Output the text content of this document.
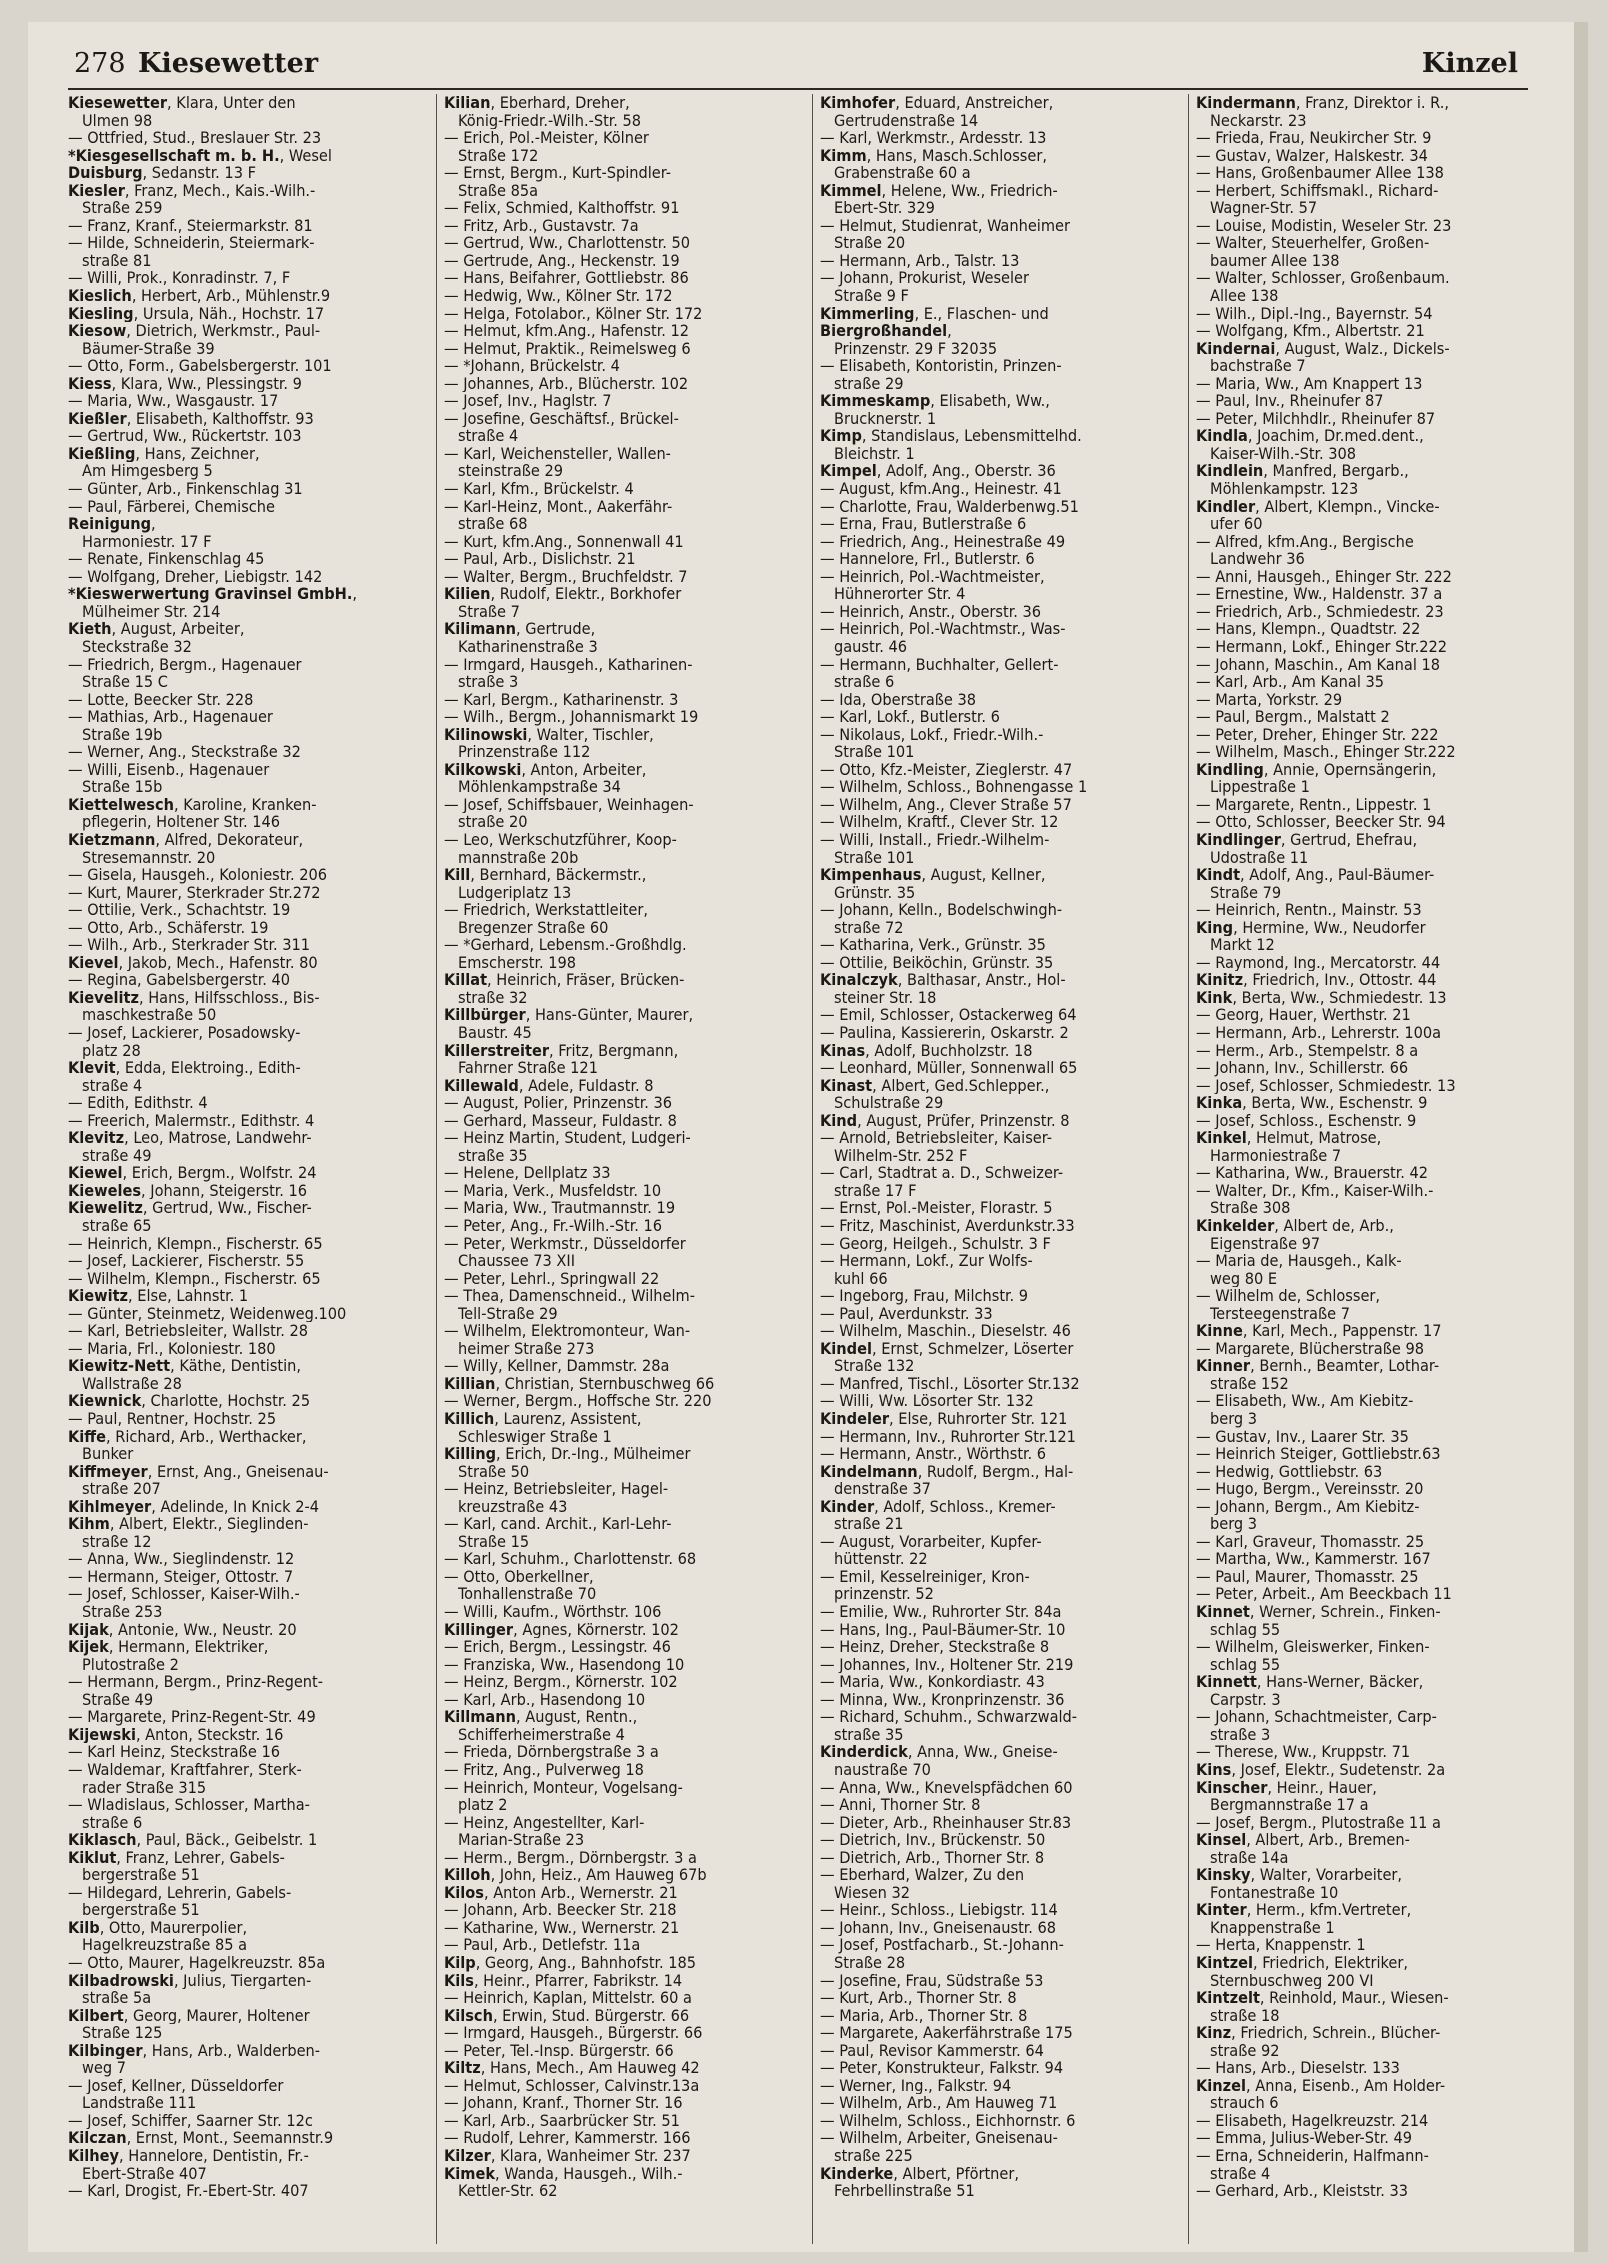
278 Kiesewetter	Kinzel
Kiesewetter, Klara, Unter den
Ulmen 98
— Ottfried, Stud., Breslauer Str. 23
*Kiesgesellschaft m. b. H., Wesel
Duisburg, Sedanstr. 13 F
Kiesler, Franz, Mech., Kais.-Wilh.-
Straße 259
— Franz, Kranf., Steiermarkstr. 81
— Hilde, Schneiderin, Steiermark-
straße 81
— Willi, Prok., Konradinstr. 7, F
Kieslich, Herbert, Arb., Mühlenstr.9
Kiesling, Ursula, Näh., Hochstr. 17
Kiesow, Dietrich, Werkmstr., Paul-
Bäumer-Straße 39
— Otto, Form., Gabelsbergerstr. 101
Kiess, Klara, Ww., Plessingstr. 9
— Maria, Ww., Wasgaustr. 17
Kießler, Elisabeth, Kalthoffstr. 93
— Gertrud, Ww., Rückertstr. 103
Kießling, Hans, Zeichner,
Am Himgesberg 5
— Günter, Arb., Finkenschlag 31
— Paul, Färberei, Chemische
Reinigung,
Harmoniestr. 17 F
— Renate, Finkenschlag 45
— Wolfgang, Dreher, Liebigstr. 142
*Kieswerwertung Gravinsel GmbH.,
Mülheimer Str. 214
Kieth, August, Arbeiter,
Steckstraße 32
— Friedrich, Bergm., Hagenauer
Straße 15 C
— Lotte, Beecker Str. 228
— Mathias, Arb., Hagenauer
Straße 19b
— Werner, Ang., Steckstraße 32
— Willi, Eisenb., Hagenauer
Straße 15b
Kiettelwesch, Karoline, Kranken-
pflegerin, Holtener Str. 146
Kietzmann, Alfred, Dekorateur,
Stresemannstr. 20
— Gisela, Hausgeh., Koloniestr. 206
— Kurt, Maurer, Sterkrader Str.272
— Ottilie, Verk., Schachtstr. 19
— Otto, Arb., Schäferstr. 19
— Wilh., Arb., Sterkrader Str. 311
Kievel, Jakob, Mech., Hafenstr. 80
— Regina, Gabelsbergerstr. 40
Kievelitz, Hans, Hilfsschloss., Bis-
maschkestraße 50
— Josef, Lackierer, Posadowsky-
platz 28
Klevit, Edda, Elektroing., Edith-
straße 4
— Edith, Edithstr. 4
— Freerich, Malermstr., Edithstr. 4
Klevitz, Leo, Matrose, Landwehr-
straße 49
Kiewel, Erich, Bergm., Wolfstr. 24
Kieweles, Johann, Steigerstr. 16
Kiewelitz, Gertrud, Ww., Fischer-
straße 65
— Heinrich, Klempn., Fischerstr. 65
— Josef, Lackierer, Fischerstr. 55
— Wilhelm, Klempn., Fischerstr. 65
Kiewitz, Else, Lahnstr. 1
— Günter, Steinmetz, Weidenweg.100
— Karl, Betriebsleiter, Wallstr. 28
— Maria, Frl., Koloniestr. 180
Kiewitz-Nett, Käthe, Dentistin,
Wallstraße 28
Kiewnick, Charlotte, Hochstr. 25
— Paul, Rentner, Hochstr. 25
Kiffe, Richard, Arb., Werthacker,
Bunker
Kiffmeyer, Ernst, Ang., Gneisenau-
straße 207
Kihlmeyer, Adelinde, In Knick 2-4
Kihm, Albert, Elektr., Sieglinden-
straße 12
— Anna, Ww., Sieglindenstr. 12
— Hermann, Steiger, Ottostr. 7
— Josef, Schlosser, Kaiser-Wilh.-
Straße 253
Kijak, Antonie, Ww., Neustr. 20
Kijek, Hermann, Elektriker,
Plutostraße 2
— Hermann, Bergm., Prinz-Regent-
Straße 49
— Margarete, Prinz-Regent-Str. 49
Kijewski, Anton, Steckstr. 16
— Karl Heinz, Steckstraße 16
— Waldemar, Kraftfahrer, Sterk-
rader Straße 315
— Wladislaus, Schlosser, Martha-
straße 6
Kiklasch, Paul, Bäck., Geibelstr. 1
Kiklut, Franz, Lehrer, Gabels-
bergerstraße 51
— Hildegard, Lehrerin, Gabels-
bergerstraße 51
Kilb, Otto, Maurerpolier,
Hagelkreuzstraße 85 a
— Otto, Maurer, Hagelkreuzstr. 85a
Kilbadrowski, Julius, Tiergarten-
straße 5a
Kilbert, Georg, Maurer, Holtener
Straße 125
Kilbinger, Hans, Arb., Walderben-
weg 7
— Josef, Kellner, Düsseldorfer
Landstraße 111
— Josef, Schiffer, Saarner Str. 12c
Kilczan, Ernst, Mont., Seemannstr.9
Kilhey, Hannelore, Dentistin, Fr.-
Ebert-Straße 407
— Karl, Drogist, Fr.-Ebert-Str. 407
Kilian, Eberhard, Dreher,
König-Friedr.-Wilh.-Str. 58
— Erich, Pol.-Meister, Kölner
Straße 172
— Ernst, Bergm., Kurt-Spindler-
Straße 85a
— Felix, Schmied, Kalthoffstr. 91
— Fritz, Arb., Gustavstr. 7a
— Gertrud, Ww., Charlottenstr. 50
— Gertrude, Ang., Heckenstr. 19
— Hans, Beifahrer, Gottliebstr. 86
— Hedwig, Ww., Kölner Str. 172
— Helga, Fotolabor., Kölner Str. 172
— Helmut, kfm.Ang., Hafenstr. 12
— Helmut, Praktik., Reimelsweg 6
— *Johann, Brückelstr. 4
— Johannes, Arb., Blücherstr. 102
— Josef, Inv., Haglstr. 7
— Josefine, Geschäftsf., Brückel-
straße 4
— Karl, Weichensteller, Wallen-
steinstraße 29
— Karl, Kfm., Brückelstr. 4
— Karl-Heinz, Mont., Aakerfähr-
straße 68
— Kurt, kfm.Ang., Sonnenwall 41
— Paul, Arb., Dislichstr. 21
— Walter, Bergm., Bruchfeldstr. 7
Kilien, Rudolf, Elektr., Borkhofer
Straße 7
Kilimann, Gertrude,
Katharinenstraße 3
— Irmgard, Hausgeh., Katharinen-
straße 3
— Karl, Bergm., Katharinenstr. 3
— Wilh., Bergm., Johannismarkt 19
Kilinowski, Walter, Tischler,
Prinzenstraße 112
Kilkowski, Anton, Arbeiter,
Möhlenkampstraße 34
— Josef, Schiffsbauer, Weinhagen-
straße 20
— Leo, Werkschutzführer, Koop-
mannstraße 20b
Kill, Bernhard, Bäckermstr.,
Ludgeriplatz 13
— Friedrich, Werkstattleiter,
Bregenzer Straße 60
— *Gerhard, Lebensm.-Großhdlg.
Emscherstr. 198
Killat, Heinrich, Fräser, Brücken-
straße 32
Killbürger, Hans-Günter, Maurer,
Baustr. 45
Killerstreiter, Fritz, Bergmann,
Fahrner Straße 121
Killewald, Adele, Fuldastr. 8
— August, Polier, Prinzenstr. 36
— Gerhard, Masseur, Fuldastr. 8
— Heinz Martin, Student, Ludgeri-
straße 35
— Helene, Dellplatz 33
— Maria, Verk., Musfeldstr. 10
— Maria, Ww., Trautmannstr. 19
— Peter, Ang., Fr.-Wilh.-Str. 16
— Peter, Werkmstr., Düsseldorfer
Chaussee 73 XII
— Peter, Lehrl., Springwall 22
— Thea, Damenschneid., Wilhelm-
Tell-Straße 29
— Wilhelm, Elektromonteur, Wan-
heimer Straße 273
— Willy, Kellner, Dammstr. 28a
Killian, Christian, Sternbuschweg 66
— Werner, Bergm., Hoffsche Str. 220
Killich, Laurenz, Assistent,
Schleswiger Straße 1
Killing, Erich, Dr.-Ing., Mülheimer
Straße 50
— Heinz, Betriebsleiter, Hagel-
kreuzstraße 43
— Karl, cand. Archit., Karl-Lehr-
Straße 15
— Karl, Schuhm., Charlottenstr. 68
— Otto, Oberkellner,
Tonhallenstraße 70
— Willi, Kaufm., Wörthstr. 106
Killinger, Agnes, Körnerstr. 102
— Erich, Bergm., Lessingstr. 46
— Franziska, Ww., Hasendong 10
— Heinz, Bergm., Körnerstr. 102
— Karl, Arb., Hasendong 10
Killmann, August, Rentn.,
Schifferheimerstraße 4
— Frieda, Dörnbergstraße 3 a
— Fritz, Ang., Pulverweg 18
— Heinrich, Monteur, Vogelsang-
platz 2
— Heinz, Angestellter, Karl-
Marian-Straße 23
— Herm., Bergm., Dörnbergstr. 3 a
Killoh, John, Heiz., Am Hauweg 67b
Kilos, Anton Arb., Wernerstr. 21
— Johann, Arb. Beecker Str. 218
— Katharine, Ww., Wernerstr. 21
— Paul, Arb., Detlefstr. 11a
Kilp, Georg, Ang., Bahnhofstr. 185
Kils, Heinr., Pfarrer, Fabrikstr. 14
— Heinrich, Kaplan, Mittelstr. 60 a
Kilsch, Erwin, Stud. Bürgerstr. 66
— Irmgard, Hausgeh., Bürgerstr. 66
— Peter, Tel.-Insp. Bürgerstr. 66
Kiltz, Hans, Mech., Am Hauweg 42
— Helmut, Schlosser, Calvinstr.13a
— Johann, Kranf., Thorner Str. 16
— Karl, Arb., Saarbrücker Str. 51
— Rudolf, Lehrer, Kammerstr. 166
Kilzer, Klara, Wanheimer Str. 237
Kimek, Wanda, Hausgeh., Wilh.-
Kettler-Str. 62
Kimhofer, Eduard, Anstreicher,
Gertrudenstraße 14
— Karl, Werkmstr., Ardesstr. 13
Kimm, Hans, Masch.Schlosser,
Grabenstraße 60 a
Kimmel, Helene, Ww., Friedrich-
Ebert-Str. 329
— Helmut, Studienrat, Wanheimer
Straße 20
— Hermann, Arb., Talstr. 13
— Johann, Prokurist, Weseler
Straße 9 F
Kimmerling, E., Flaschen- und
Biergroßhandel,
Prinzenstr. 29 F 32035
— Elisabeth, Kontoristin, Prinzen-
straße 29
Kimmeskamp, Elisabeth, Ww.,
Brucknerstr. 1
Kimp, Standislaus, Lebensmittelhd.
Bleichstr. 1
Kimpel, Adolf, Ang., Oberstr. 36
— August, kfm.Ang., Heinestr. 41
— Charlotte, Frau, Walderbenwg.51
— Erna, Frau, Butlerstraße 6
— Friedrich, Ang., Heinestraße 49
— Hannelore, Frl., Butlerstr. 6
— Heinrich, Pol.-Wachtmeister,
Hühnerorter Str. 4
— Heinrich, Anstr., Oberstr. 36
— Heinrich, Pol.-Wachtmstr., Was-
gaustr. 46
— Hermann, Buchhalter, Gellert-
straße 6
— Ida, Oberstraße 38
— Karl, Lokf., Butlerstr. 6
— Nikolaus, Lokf., Friedr.-Wilh.-
Straße 101
— Otto, Kfz.-Meister, Zieglerstr. 47
— Wilhelm, Schloss., Bohnengasse 1
— Wilhelm, Ang., Clever Straße 57
— Wilhelm, Kraftf., Clever Str. 12
— Willi, Install., Friedr.-Wilhelm-
Straße 101
Kimpenhaus, August, Kellner,
Grünstr. 35
— Johann, Kelln., Bodelschwingh-
straße 72
— Katharina, Verk., Grünstr. 35
— Ottilie, Beiköchin, Grünstr. 35
Kinalczyk, Balthasar, Anstr., Hol-
steiner Str. 18
— Emil, Schlosser, Ostackerweg 64
— Paulina, Kassiererin, Oskarstr. 2
Kinas, Adolf, Buchholzstr. 18
— Leonhard, Müller, Sonnenwall 65
Kinast, Albert, Ged.Schlepper.,
Schulstraße 29
Kind, August, Prüfer, Prinzenstr. 8
— Arnold, Betriebsleiter, Kaiser-
Wilhelm-Str. 252 F
— Carl, Stadtrat a. D., Schweizer-
straße 17 F
— Ernst, Pol.-Meister, Florastr. 5
— Fritz, Maschinist, Averdunkstr.33
— Georg, Heilgeh., Schulstr. 3 F
— Hermann, Lokf., Zur Wolfs-
kuhl 66
— Ingeborg, Frau, Milchstr. 9
— Paul, Averdunkstr. 33
— Wilhelm, Maschin., Dieselstr. 46
Kindel, Ernst, Schmelzer, Löserter
Straße 132
— Manfred, Tischl., Lösorter Str.132
— Willi, Ww. Lösorter Str. 132
Kindeler, Else, Ruhrorter Str. 121
— Hermann, Inv., Ruhrorter Str.121
— Hermann, Anstr., Wörthstr. 6
Kindelmann, Rudolf, Bergm., Hal-
denstraße 37
Kinder, Adolf, Schloss., Kremer-
straße 21
— August, Vorarbeiter, Kupfer-
hüttenstr. 22
— Emil, Kesselreiniger, Kron-
prinzenstr. 52
— Emilie, Ww., Ruhrorter Str. 84a
— Hans, Ing., Paul-Bäumer-Str. 10
— Heinz, Dreher, Steckstraße 8
— Johannes, Inv., Holtener Str. 219
— Maria, Ww., Konkordiastr. 43
— Minna, Ww., Kronprinzenstr. 36
— Richard, Schuhm., Schwarzwald-
straße 35
Kinderdick, Anna, Ww., Gneise-
naustraße 70
— Anna, Ww., Knevelspfädchen 60
— Anni, Thorner Str. 8
— Dieter, Arb., Rheinhauser Str.83
— Dietrich, Inv., Brückenstr. 50
— Dietrich, Arb., Thorner Str. 8
— Eberhard, Walzer, Zu den
Wiesen 32
— Heinr., Schloss., Liebigstr. 114
— Johann, Inv., Gneisenaustr. 68
— Josef, Postfacharb., St.-Johann-
Straße 28
— Josefine, Frau, Südstraße 53
— Kurt, Arb., Thorner Str. 8
— Maria, Arb., Thorner Str. 8
— Margarete, Aakerfährstraße 175
— Paul, Revisor Kammerstr. 64
— Peter, Konstrukteur, Falkstr. 94
— Werner, Ing., Falkstr. 94
— Wilhelm, Arb., Am Hauweg 71
— Wilhelm, Schloss., Eichhornstr. 6
— Wilhelm, Arbeiter, Gneisenau-
straße 225
Kinderke, Albert, Pförtner,
Fehrbellinstraße 51
Kindermann, Franz, Direktor i. R.,
Neckarstr. 23
— Frieda, Frau, Neukircher Str. 9
— Gustav, Walzer, Halskestr. 34
— Hans, Großenbaumer Allee 138
— Herbert, Schiffsmakl., Richard-
Wagner-Str. 57
— Louise, Modistin, Weseler Str. 23
— Walter, Steuerhelfer, Großen-
baumer Allee 138
— Walter, Schlosser, Großenbaum.
Allee 138
— Wilh., Dipl.-Ing., Bayernstr. 54
— Wolfgang, Kfm., Albertstr. 21
Kindernai, August, Walz., Dickels-
bachstraße 7
— Maria, Ww., Am Knappert 13
— Paul, Inv., Rheinufer 87
— Peter, Milchhdlr., Rheinufer 87
Kindla, Joachim, Dr.med.dent.,
Kaiser-Wilh.-Str. 308
Kindlein, Manfred, Bergarb.,
Möhlenkampstr. 123
Kindler, Albert, Klempn., Vincke-
ufer 60
— Alfred, kfm.Ang., Bergische
Landwehr 36
— Anni, Hausgeh., Ehinger Str. 222
— Ernestine, Ww., Haldenstr. 37 a
— Friedrich, Arb., Schmiedestr. 23
— Hans, Klempn., Quadtstr. 22
— Hermann, Lokf., Ehinger Str.222
— Johann, Maschin., Am Kanal 18
— Karl, Arb., Am Kanal 35
— Marta, Yorkstr. 29
— Paul, Bergm., Malstatt 2
— Peter, Dreher, Ehinger Str. 222
— Wilhelm, Masch., Ehinger Str.222
Kindling, Annie, Opernsängerin,
Lippestraße 1
— Margarete, Rentn., Lippestr. 1
— Otto, Schlosser, Beecker Str. 94
Kindlinger, Gertrud, Ehefrau,
Udostraße 11
Kindt, Adolf, Ang., Paul-Bäumer-
Straße 79
— Heinrich, Rentn., Mainstr. 53
King, Hermine, Ww., Neudorfer
Markt 12
— Raymond, Ing., Mercatorstr. 44
Kinitz, Friedrich, Inv., Ottostr. 44
Kink, Berta, Ww., Schmiedestr. 13
— Georg, Hauer, Werthstr. 21
— Hermann, Arb., Lehrerstr. 100a
— Herm., Arb., Stempelstr. 8 a
— Johann, Inv., Schillerstr. 66
— Josef, Schlosser, Schmiedestr. 13
Kinka, Berta, Ww., Eschenstr. 9
— Josef, Schloss., Eschenstr. 9
Kinkel, Helmut, Matrose,
Harmoniestraße 7
— Katharina, Ww., Brauerstr. 42
— Walter, Dr., Kfm., Kaiser-Wilh.-
Straße 308
Kinkelder, Albert de, Arb.,
Eigenstraße 97
— Maria de, Hausgeh., Kalk-
weg 80 E
— Wilhelm de, Schlosser,
Tersteegenstraße 7
Kinne, Karl, Mech., Pappenstr. 17
— Margarete, Blücherstraße 98
Kinner, Bernh., Beamter, Lothar-
straße 152
— Elisabeth, Ww., Am Kiebitz-
berg 3
— Gustav, Inv., Laarer Str. 35
— Heinrich Steiger, Gottliebstr.63
— Hedwig, Gottliebstr. 63
— Hugo, Bergm., Vereinsstr. 20
— Johann, Bergm., Am Kiebitz-
berg 3
— Karl, Graveur, Thomasstr. 25
— Martha, Ww., Kammerstr. 167
— Paul, Maurer, Thomasstr. 25
— Peter, Arbeit., Am Beeckbach 11
Kinnet, Werner, Schrein., Finken-
schlag 55
— Wilhelm, Gleiswerker, Finken-
schlag 55
Kinnett, Hans-Werner, Bäcker,
Carpstr. 3
— Johann, Schachtmeister, Carp-
straße 3
— Therese, Ww., Kruppstr. 71
Kins, Josef, Elektr., Sudetenstr. 2a
Kinscher, Heinr., Hauer,
Bergmannstraße 17 a
— Josef, Bergm., Plutostraße 11 a
Kinsel, Albert, Arb., Bremen-
straße 14a
Kinsky, Walter, Vorarbeiter,
Fontanestraße 10
Kinter, Herm., kfm.Vertreter,
Knappenstraße 1
— Herta, Knappenstr. 1
Kintzel, Friedrich, Elektriker,
Sternbuschweg 200 VI
Kintzelt, Reinhold, Maur., Wiesen-
straße 18
Kinz, Friedrich, Schrein., Blücher-
straße 92
— Hans, Arb., Dieselstr. 133
Kinzel, Anna, Eisenb., Am Holder-
strauch 6
— Elisabeth, Hagelkreuzstr. 214
— Emma, Julius-Weber-Str. 49
— Erna, Schneiderin, Halfmann-
straße 4
— Gerhard, Arb., Kleiststr. 33
